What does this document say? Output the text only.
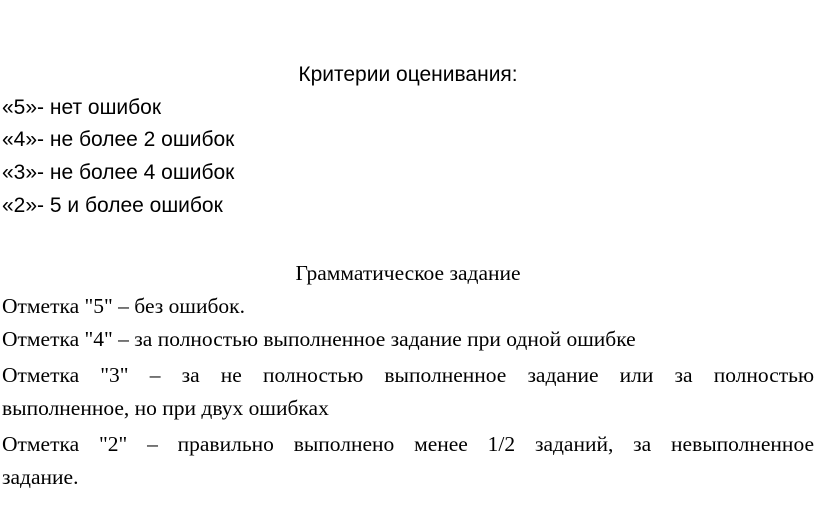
Критерии оценивания:
«5»- нет ошибок
«4»- не более 2 ошибок
«3»- не более 4 ошибок
«2»- 5 и более ошибок
Грамматическое задание
Отметка "5" – без ошибок.
Отметка "4" – за полностью выполненное задание при одной ошибке
Отметка "3" – за не полностью выполненное задание или за полностью
выполненное, но при двух ошибках
Отметка "2" – правильно выполнено менее 1/2 заданий, за невыполненное
задание.
